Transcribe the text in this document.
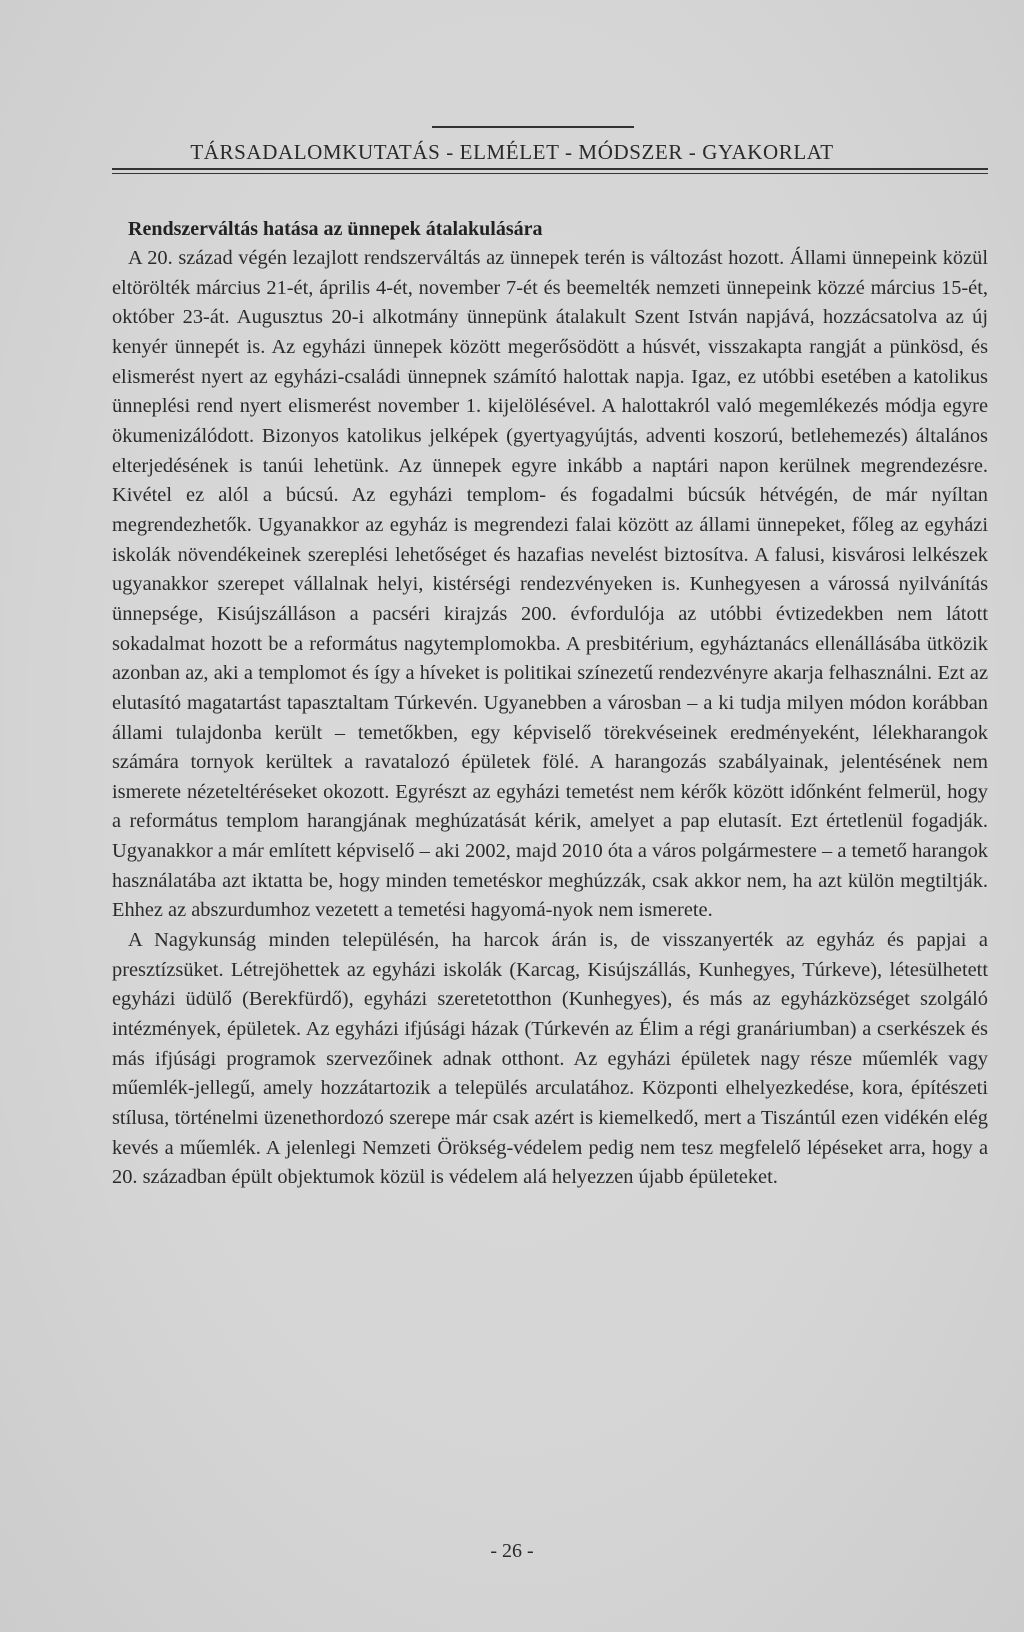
TÁRSADALOMKUTATÁS - ELMÉLET - MÓDSZER - GYAKORLAT
Rendszerváltás hatása az ünnepek átalakulására

A 20. század végén lezajlott rendszerváltás az ünnepek terén is változást hozott. Állami ünnepeink közül eltörölték március 21-ét, április 4-ét, november 7-ét és beemelték nemzeti ünnepeink közzé március 15-ét, október 23-át. Augusztus 20-i alkotmány ünnepünk átalakult Szent István napjává, hozzácsatolva az új kenyér ünnepét is. Az egyházi ünnepek között megerősödött a húsvét, visszakapta rangját a pünkösd, és elismerést nyert az egyházi-családi ünnepnek számító halottak napja. Igaz, ez utóbbi esetében a katolikus ünneplési rend nyert elismerést november 1. kijelölésével. A halottakról való megemlékezés módja egyre ökumenizálódott. Bizonyos katolikus jelképek (gyertyagyújtás, adventi koszorú, betlehemezés) általános elterjedésének is tanúi lehetünk. Az ünnepek egyre inkább a naptári napon kerülnek megrendezésre. Kivétel ez alól a búcsú. Az egyházi templom- és fogadalmi búcsúk hétvégén, de már nyíltan megrendezhetők. Ugyanakkor az egyház is megrendezi falai között az állami ünnepeket, főleg az egyházi iskolák növendékeinek szereplési lehetőséget és hazafias nevelést biztosítva. A falusi, kisvárosi lelkészek ugyanakkor szerepet vállalnak helyi, kistérségi rendezvényeken is. Kunhegyesen a várossá nyilvánítás ünnepsége, Kisújszálláson a pacséri kirajzás 200. évfordulója az utóbbi évtizedekben nem látott sokadalmat hozott be a református nagytemplomokba. A presbitérium, egyháztanács ellenállásába ütközik azonban az, aki a templomot és így a híveket is politikai színezetű rendezvényre akarja felhasználni. Ezt az elutasító magatartást tapasztaltam Túrkevén. Ugyanebben a városban – a ki tudja milyen módon korábban állami tulajdonba került – temetőkben, egy képviselő törekvéseinek eredményeként, lélekharangok számára tornyok kerültek a ravatalozó épületek fölé. A harangozás szabályainak, jelentésének nem ismerete nézeteltéréseket okozott. Egyrészt az egyházi temetést nem kérők között időnként felmerül, hogy a református templom harangjának meghúzatását kérik, amelyet a pap elutasít. Ezt értetlenül fogadják. Ugyanakkor a már említett képviselő – aki 2002, majd 2010 óta a város polgármestere – a temető harangok használatába azt iktatta be, hogy minden temetéskor meghúzzák, csak akkor nem, ha azt külön megtiltják. Ehhez az abszurdumhoz vezetett a temetési hagyomá-nyok nem ismerete.

A Nagykunság minden településén, ha harcok árán is, de visszanyerték az egyház és papjai a presztízsüket. Létrejöhettek az egyházi iskolák (Karcag, Kisújszállás, Kunhegyes, Túrkeve), létesülhetett egyházi üdülő (Berekfürdő), egyházi szeretetotthon (Kunhegyes), és más az egyházközséget szolgáló intézmények, épületek. Az egyházi ifjúsági házak (Túrkevén az Élim a régi granáriumban) a cserkészek és más ifjúsági programok szervezőinek adnak otthont. Az egyházi épületek nagy része műemlék vagy műemlék-jellegű, amely hozzátartozik a település arculatához. Központi elhelyezkedése, kora, építészeti stílusa, történelmi üzenethordozó szerepe már csak azért is kiemelkedő, mert a Tiszántúl ezen vidékén elég kevés a műemlék. A jelenlegi Nemzeti Örökség-védelem pedig nem tesz megfelelő lépéseket arra, hogy a 20. században épült objektumok közül is védelem alá helyezzen újabb épületeket.

- 26 -
